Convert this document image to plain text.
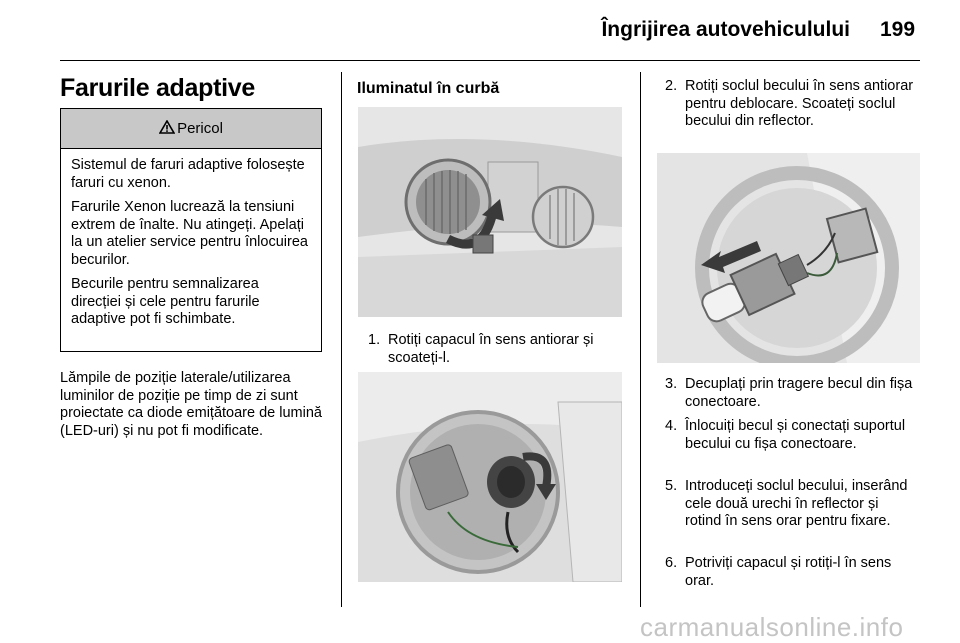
Îngrijirea autovehiculului 199
Farurile adaptive
Pericol

Sistemul de faruri adaptive folosește faruri cu xenon.

Farurile Xenon lucrează la tensiuni extrem de înalte. Nu atingeți. Apelați la un atelier service pentru înlocuirea becurilor.

Becurile pentru semnalizarea direcției și cele pentru farurile adaptive pot fi schimbate.

Lămpile de poziție laterale/utilizarea luminilor de poziție pe timp de zi sunt proiectate ca diode emițătoare de lumină (LED-uri) și nu pot fi modificate.
Iluminatul în curbă
1. Rotiți capacul în sens antiorar și scoateți-l.
2. Rotiți soclul becului în sens antiorar pentru deblocare. Scoateți soclul becului din reflector.
3. Decuplați prin tragere becul din fișa conectoare.
4. Înlocuiți becul și conectați suportul becului cu fișa conectoare.
5. Introduceți soclul becului, inserând cele două urechi în reflector și rotind în sens orar pentru fixare.
6. Potriviți capacul și rotiți-l în sens orar.
carmanualsonline.info
